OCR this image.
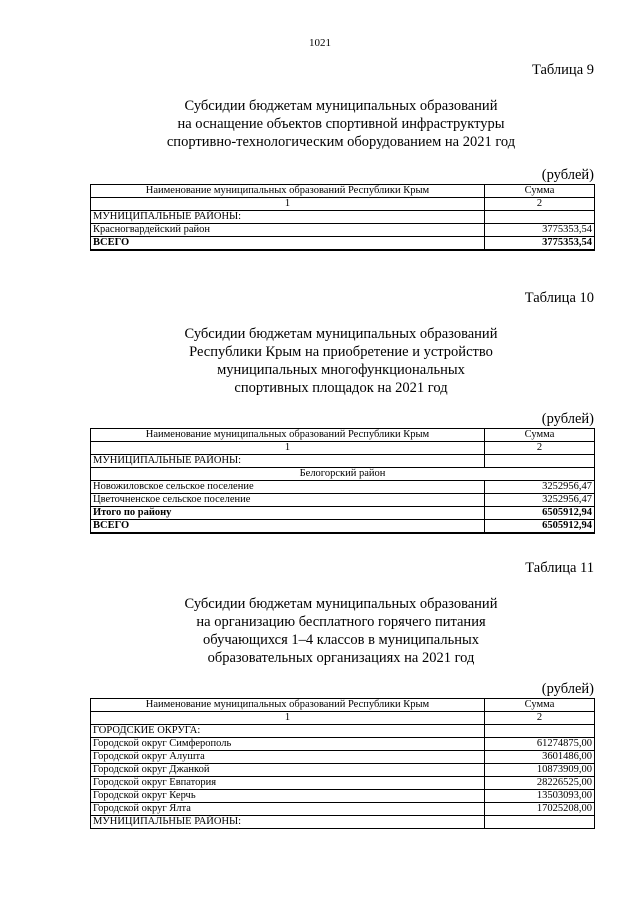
1021
Таблица 9
Субсидии бюджетам муниципальных образований
на оснащение объектов спортивной инфраструктуры
спортивно-технологическим оборудованием на 2021 год
(рублей)
Наименование муниципальных образований Республики Крым	Сумма
1	2
МУНИЦИПАЛЬНЫЕ РАЙОНЫ:	
Красногвардейский район	3775353,54
ВСЕГО	3775353,54
Таблица 10
Субсидии бюджетам муниципальных образований
Республики Крым на приобретение и устройство
муниципальных многофункциональных
спортивных площадок на 2021 год
(рублей)
Наименование муниципальных образований Республики Крым	Сумма
1	2
МУНИЦИПАЛЬНЫЕ РАЙОНЫ:	
Белогорский район	
Новожиловское сельское поселение	3252956,47
Цветочненское сельское поселение	3252956,47
Итого по району	6505912,94
ВСЕГО	6505912,94
Таблица 11
Субсидии бюджетам муниципальных образований
на организацию бесплатного горячего питания
обучающихся 1–4 классов в муниципальных
образовательных организациях на 2021 год
(рублей)
Наименование муниципальных образований Республики Крым	Сумма
1	2
ГОРОДСКИЕ ОКРУГА:	
Городской округ Симферополь	61274875,00
Городской округ Алушта	3601486,00
Городской округ Джанкой	10873909,00
Городской округ Евпатория	28226525,00
Городской округ Керчь	13503093,00
Городской округ Ялта	17025208,00
МУНИЦИПАЛЬНЫЕ РАЙОНЫ:	
